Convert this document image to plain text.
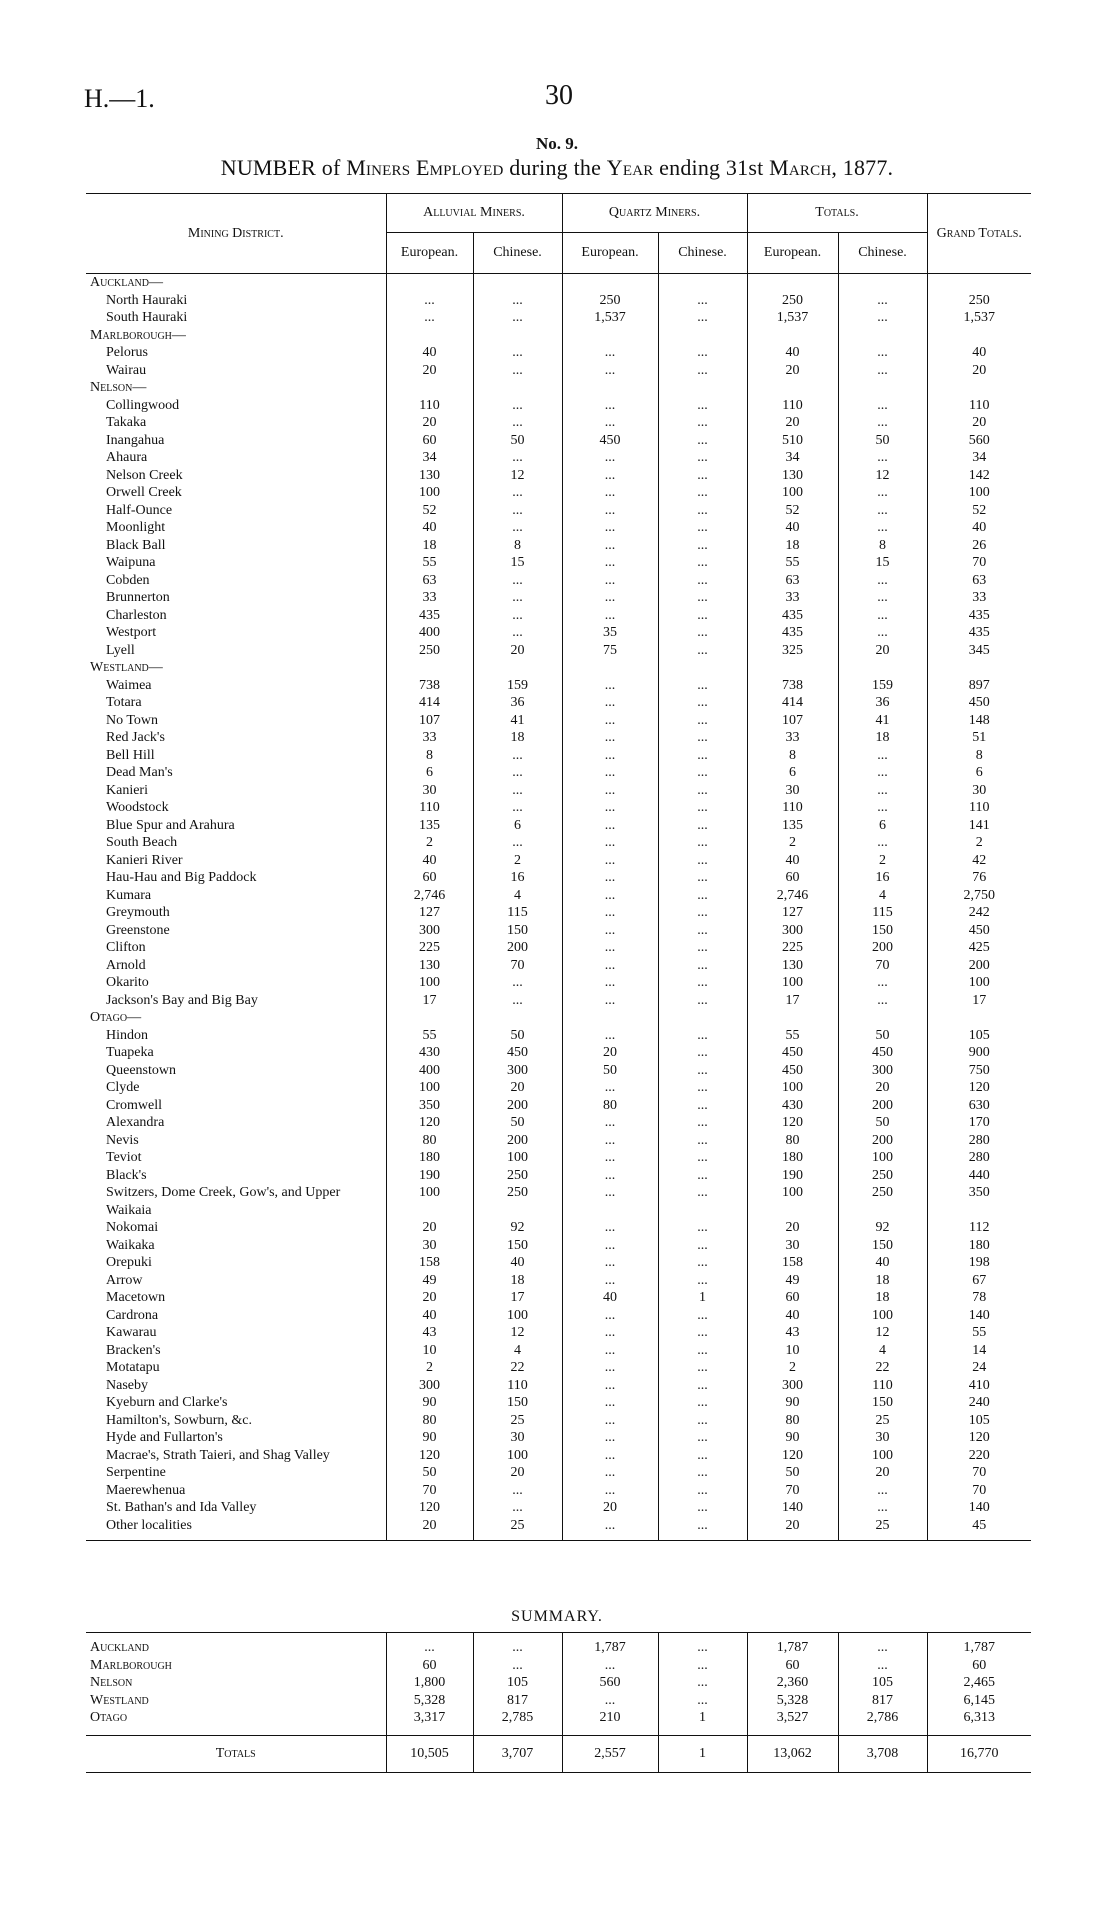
H.—1.	30
No. 9.
NUMBER of Miners Employed during the Year ending 31st March, 1877.
Mining District.	Alluvial Miners.		Quartz Miners.		Totals.		Grand Totals.
	European.	Chinese.	European.	Chinese.	European.	Chinese.	
Auckland—							
North Hauraki	...	...	250	...	250	...	250
South Hauraki	...	...	1,537	...	1,537	...	1,537
Marlborough—							
Pelorus	40	...	...	...	40	...	40
Wairau	20	...	...	...	20	...	20
Nelson—							
Collingwood	110	...	...	...	110	...	110
Takaka	20	...	...	...	20	...	20
Inangahua	60	50	450	...	510	50	560
Ahaura	34	...	...	...	34	...	34
Nelson Creek	130	12	...	...	130	12	142
Orwell Creek	100	...	...	...	100	...	100
Half-Ounce	52	...	...	...	52	...	52
Moonlight	40	...	...	...	40	...	40
Black Ball	18	8	...	...	18	8	26
Waipuna	55	15	...	...	55	15	70
Cobden	63	...	...	...	63	...	63
Brunnerton	33	...	...	...	33	...	33
Charleston	435	...	...	...	435	...	435
Westport	400	...	35	...	435	...	435
Lyell	250	20	75	...	325	20	345
Westland—							
Waimea	738	159	...	...	738	159	897
Totara	414	36	...	...	414	36	450
No Town	107	41	...	...	107	41	148
Red Jack's	33	18	...	...	33	18	51
Bell Hill	8	...	...	...	8	...	8
Dead Man's	6	...	...	...	6	...	6
Kanieri	30	...	...	...	30	...	30
Woodstock	110	...	...	...	110	...	110
Blue Spur and Arahura	135	6	...	...	135	6	141
South Beach	2	...	...	...	2	...	2
Kanieri River	40	2	...	...	40	2	42
Hau-Hau and Big Paddock	60	16	...	...	60	16	76
Kumara	2,746	4	...	...	2,746	4	2,750
Greymouth	127	115	...	...	127	115	242
Greenstone	300	150	...	...	300	150	450
Clifton	225	200	...	...	225	200	425
Arnold	130	70	...	...	130	70	200
Okarito	100	...	...	...	100	...	100
Jackson's Bay and Big Bay	17	...	...	...	17	...	17
Otago—							
Hindon	55	50	...	...	55	50	105
Tuapeka	430	450	20	...	450	450	900
Queenstown	400	300	50	...	450	300	750
Clyde	100	20	...	...	100	20	120
Cromwell	350	200	80	...	430	200	630
Alexandra	120	50	...	...	120	50	170
Nevis	80	200	...	...	80	200	280
Teviot	180	100	...	...	180	100	280
Black's	190	250	...	...	190	250	440
Switzers, Dome Creek, Gow's, and Upper Waikaia	100	250	...	...	100	250	350
Nokomai	20	92	...	...	20	92	112
Waikaka	30	150	...	...	30	150	180
Orepuki	158	40	...	...	158	40	198
Arrow	49	18	...	...	49	18	67
Macetown	20	17	40	1	60	18	78
Cardrona	40	100	...	...	40	100	140
Kawarau	43	12	...	...	43	12	55
Bracken's	10	4	...	...	10	4	14
Motatapu	2	22	...	...	2	22	24
Naseby	300	110	...	...	300	110	410
Kyeburn and Clarke's	90	150	...	...	90	150	240
Hamilton's, Sowburn, &c.	80	25	...	...	80	25	105
Hyde and Fullarton's	90	30	...	...	90	30	120
Macrae's, Strath Taieri, and Shag Valley	120	100	...	...	120	100	220
Serpentine	50	20	...	...	50	20	70
Maerewhenua	70	...	...	...	70	...	70
St. Bathan's and Ida Valley	120	...	20	...	140	...	140
Other localities	20	25	...	...	20	25	45

SUMMARY.

Auckland	...	...	1,787	...	1,787	...	1,787
Marlborough	60	...	...	...	60	...	60
Nelson	1,800	105	560	...	2,360	105	2,465
Westland	5,328	817	...	...	5,328	817	6,145
Otago	3,317	2,785	210	1	3,527	2,786	6,313

Totals	10,505	3,707	2,557	1	13,062	3,708	16,770
